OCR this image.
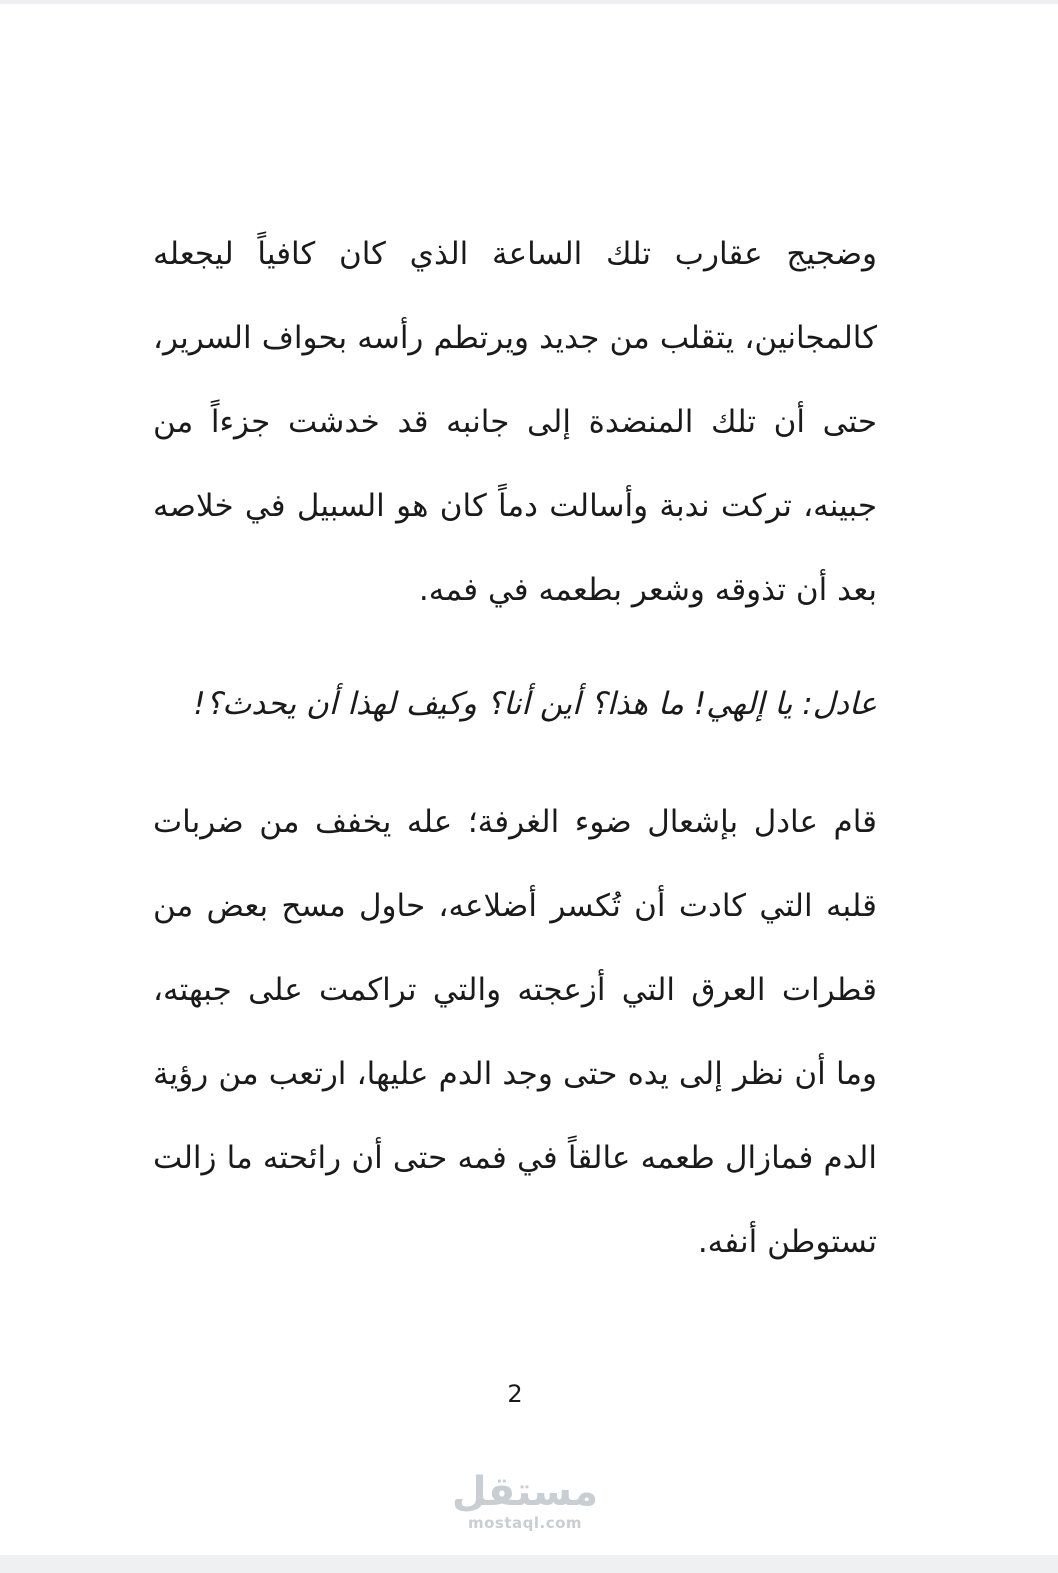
وضجيج عقارب تلك الساعة الذي كان كافياً ليجعله كالمجانين، يتقلب من جديد ويرتطم رأسه بحواف السرير، حتى أن تلك المنضدة إلى جانبه قد خدشت جزءاً من جبينه، تركت ندبة وأسالت دماً كان هو السبيل في خلاصه بعد أن تذوقه وشعر بطعمه في فمه.

عادل: يا إلهي! ما هذا؟ أين أنا؟ وكيف لهذا أن يحدث؟!

قام عادل بإشعال ضوء الغرفة؛ عله يخفف من ضربات قلبه التي كادت أن تُكسر أضلاعه، حاول مسح بعض من قطرات العرق التي أزعجته والتي تراكمت على جبهته، وما أن نظر إلى يده حتى وجد الدم عليها، ارتعب من رؤية الدم فمازال طعمه عالقاً في فمه حتى أن رائحته ما زالت تستوطن أنفه.

2
مستقل
mostaql.com
